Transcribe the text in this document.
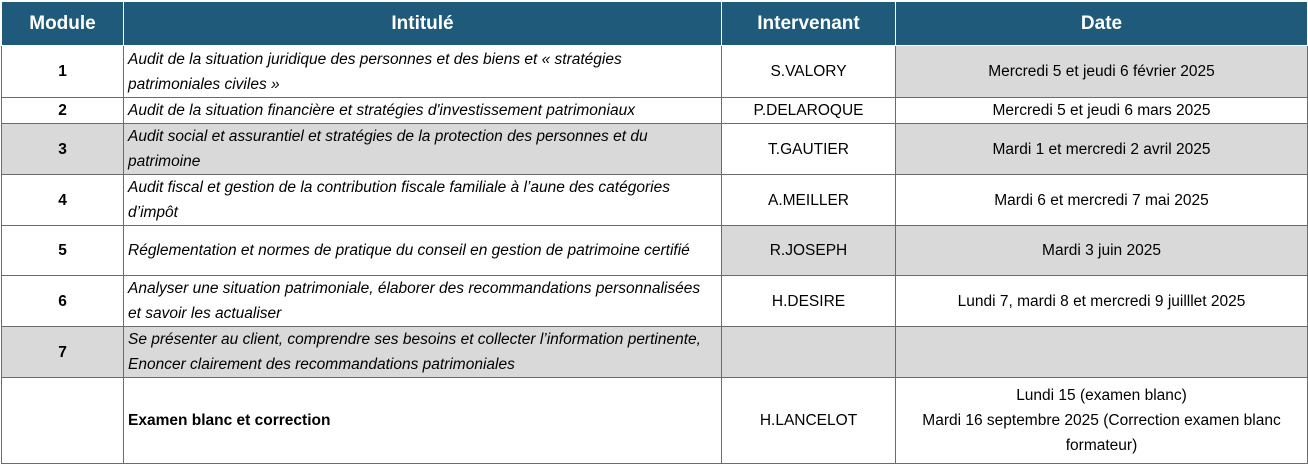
Module	Intitulé	Intervenant	Date
1	Audit de la situation juridique des personnes et des biens et « stratégies patrimoniales civiles »	S.VALORY	Mercredi 5 et jeudi 6 février 2025

2	Audit de la situation financière et stratégies d'investissement patrimoniaux	P.DELAROQUE	Mercredi 5 et jeudi 6 mars 2025

3	Audit social et assurantiel et stratégies de la protection des personnes et du patrimoine	T.GAUTIER	Mardi 1 et mercredi 2 avril 2025

4	Audit fiscal et gestion de la contribution fiscale familiale à l’aune des catégories d’impôt	A.MEILLER	Mardi 6 et mercredi 7 mai 2025

5	Réglementation et normes de pratique du conseil en gestion de patrimoine certifié	R.JOSEPH	Mardi 3 juin 2025

6	Analyser une situation patrimoniale, élaborer des recommandations personnalisées et savoir les actualiser	H.DESIRE	Lundi 7, mardi 8 et mercredi 9 juilllet 2025

7	Se présenter au client, comprendre ses besoins et collecter l’information pertinente, Enoncer clairement des recommandations patrimoniales		

	Examen blanc et correction	H.LANCELOT	Lundi 15 (examen blanc)
Mardi 16 septembre 2025 (Correction examen blanc formateur)
